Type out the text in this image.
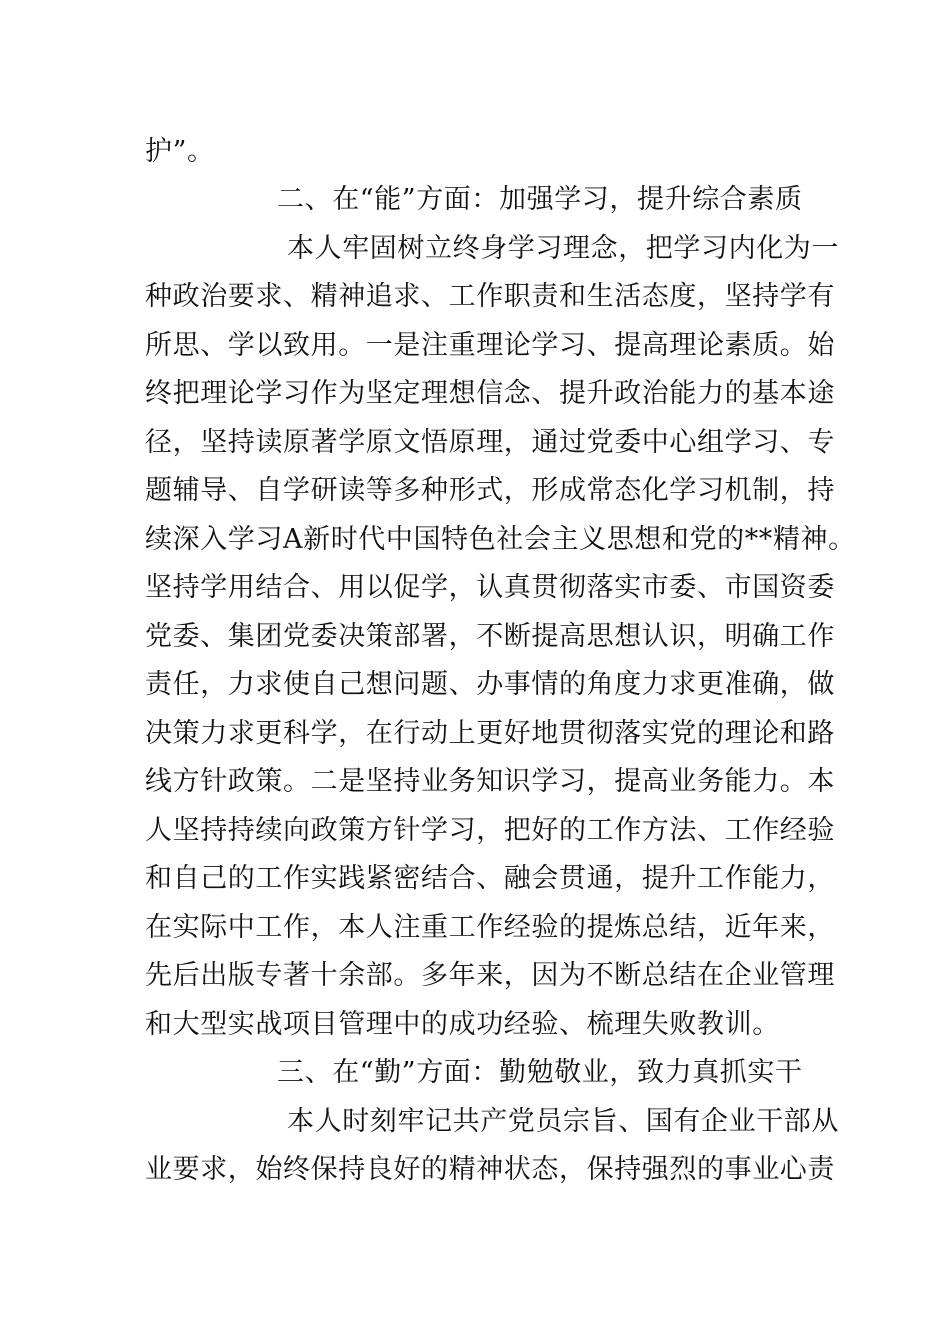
护”。
二、在“能”方面：加强学习，提升综合素质
本人牢固树立终身学习理念，把学习内化为一
种政治要求、精神追求、工作职责和生活态度，坚持学有
所思、学以致用。一是注重理论学习、提高理论素质。始
终把理论学习作为坚定理想信念、提升政治能力的基本途
径，坚持读原著学原文悟原理，通过党委中心组学习、专
题辅导、自学研读等多种形式，形成常态化学习机制，持
续深入学习A新时代中国特色社会主义思想和党的**精神。
坚持学用结合、用以促学，认真贯彻落实市委、市国资委
党委、集团党委决策部署，不断提高思想认识，明确工作
责任，力求使自己想问题、办事情的角度力求更准确，做
决策力求更科学，在行动上更好地贯彻落实党的理论和路
线方针政策。二是坚持业务知识学习，提高业务能力。本
人坚持持续向政策方针学习，把好的工作方法、工作经验
和自己的工作实践紧密结合、融会贯通，提升工作能力，
在实际中工作，本人注重工作经验的提炼总结，近年来，
先后出版专著十余部。多年来，因为不断总结在企业管理
和大型实战项目管理中的成功经验、梳理失败教训。
三、在“勤”方面：勤勉敬业，致力真抓实干
本人时刻牢记共产党员宗旨、国有企业干部从
业要求，始终保持良好的精神状态，保持强烈的事业心责
